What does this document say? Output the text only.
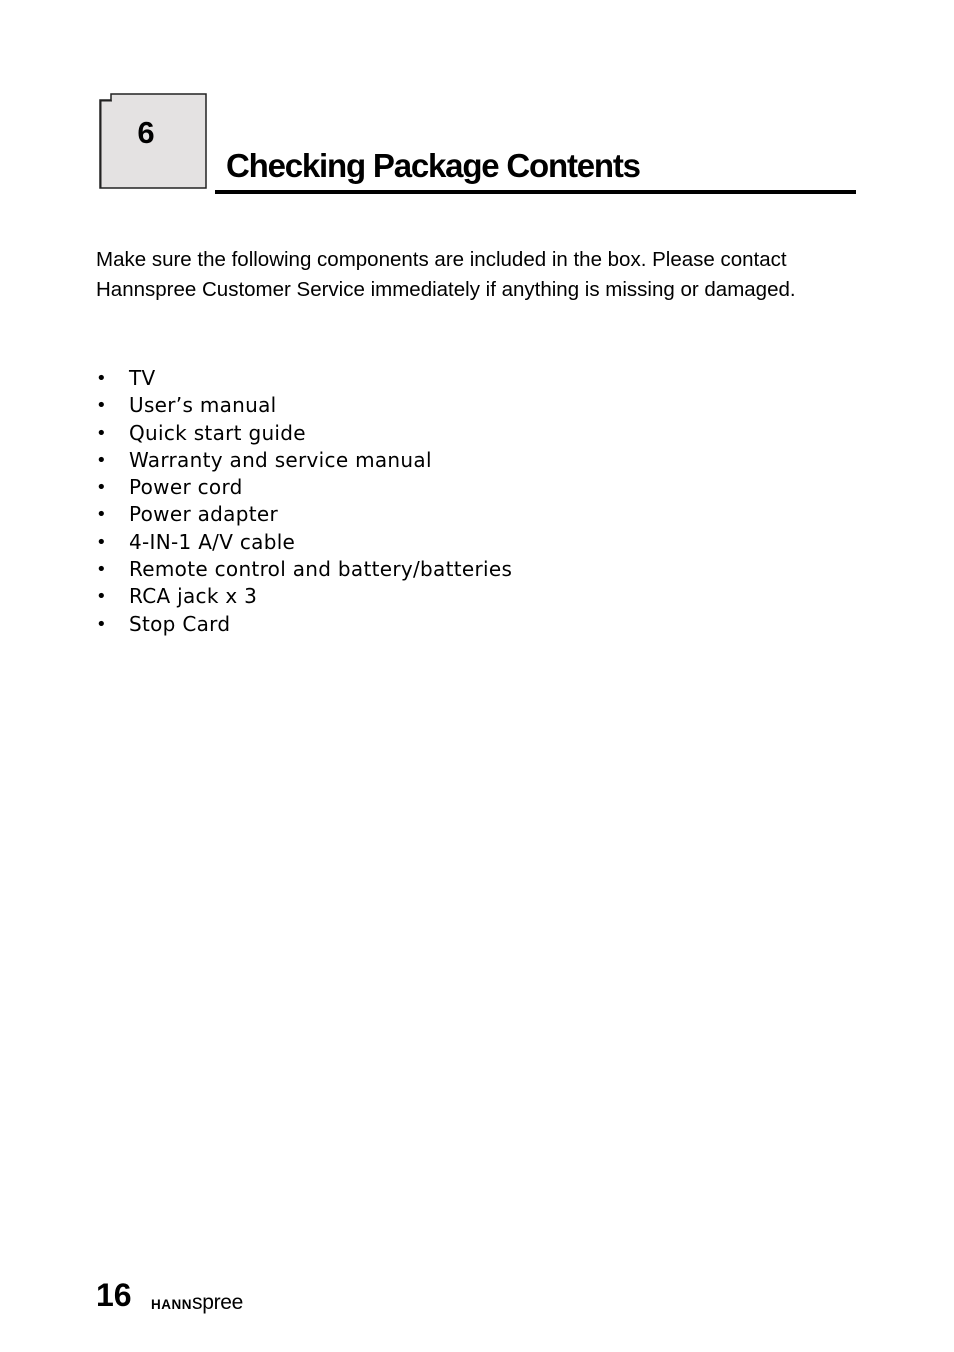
6
Checking Package Contents

Make sure the following components are included in the box. Please contact Hannspree Customer Service immediately if anything is missing or damaged.

• TV
• User’s manual
• Quick start guide
• Warranty and service manual
• Power cord
• Power adapter
• 4-IN-1 A/V cable
• Remote control and battery/batteries
• RCA jack x 3
• Stop Card
16 HANNspree
